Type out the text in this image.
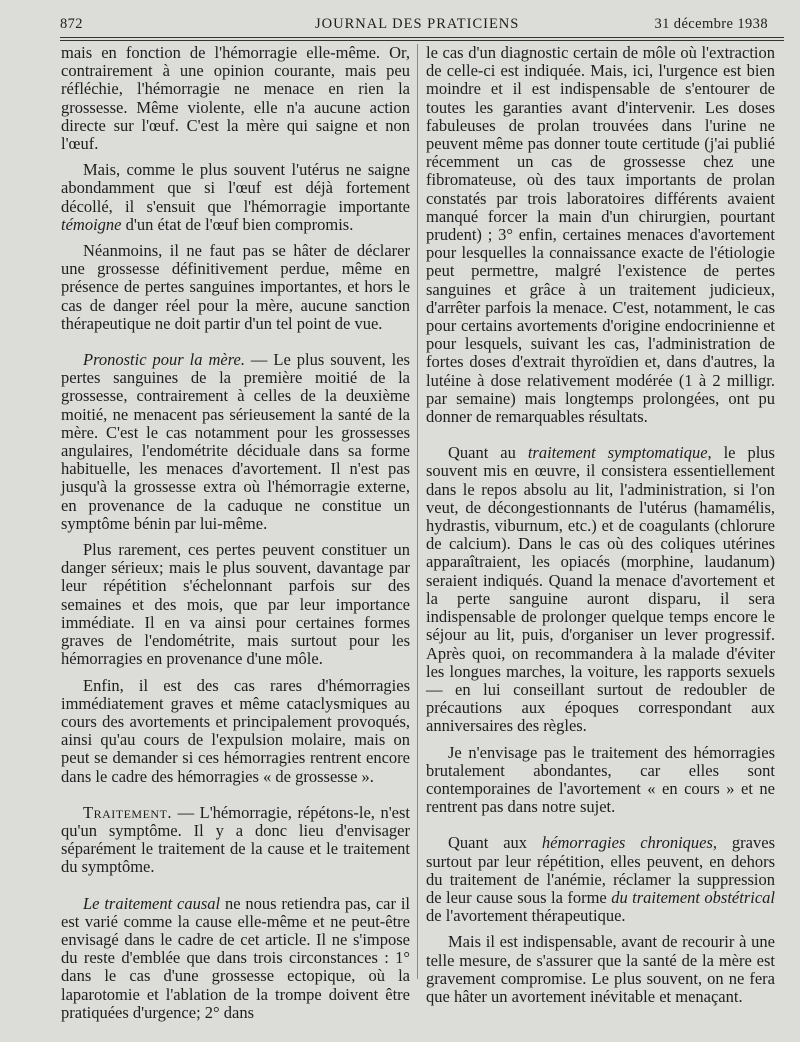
872	JOURNAL DES PRATICIENS	31 décembre 1938

mais en fonction de l'hémorragie elle-même. Or, contrairement à une opinion courante, mais peu réfléchie, l'hémorragie ne menace en rien la grossesse. Même violente, elle n'a aucune action directe sur l'œuf. C'est la mère qui saigne et non l'œuf.

Mais, comme le plus souvent l'utérus ne saigne abondamment que si l'œuf est déjà fortement décollé, il s'ensuit que l'hémorragie importante témoigne d'un état de l'œuf bien compromis.

Néanmoins, il ne faut pas se hâter de déclarer une grossesse définitivement perdue, même en présence de pertes sanguines importantes, et hors le cas de danger réel pour la mère, aucune sanction thérapeutique ne doit partir d'un tel point de vue.

Pronostic pour la mère. — Le plus souvent, les pertes sanguines de la première moitié de la grossesse, contrairement à celles de la deuxième moitié, ne menacent pas sérieusement la santé de la mère. C'est le cas notamment pour les grossesses angulaires, l'endométrite déciduale dans sa forme habituelle, les menaces d'avortement. Il n'est pas jusqu'à la grossesse extra où l'hémorragie externe, en provenance de la caduque ne constitue un symptôme bénin par lui-même.

Plus rarement, ces pertes peuvent constituer un danger sérieux; mais le plus souvent, davantage par leur répétition s'échelonnant parfois sur des semaines et des mois, que par leur importance immédiate. Il en va ainsi pour certaines formes graves de l'endométrite, mais surtout pour les hémorragies en provenance d'une môle.

Enfin, il est des cas rares d'hémorragies immédiatement graves et même cataclysmiques au cours des avortements et principalement provoqués, ainsi qu'au cours de l'expulsion molaire, mais on peut se demander si ces hémorragies rentrent encore dans le cadre des hémorragies « de grossesse ».

Traitement. — L'hémorragie, répétons-le, n'est qu'un symptôme. Il y a donc lieu d'envisager séparément le traitement de la cause et le traitement du symptôme.

Le traitement causal ne nous retiendra pas, car il est varié comme la cause elle-même et ne peut-être envisagé dans le cadre de cet article. Il ne s'impose du reste d'emblée que dans trois circonstances : 1° dans le cas d'une grossesse ectopique, où la laparotomie et l'ablation de la trompe doivent être pratiquées d'urgence; 2° dans

le cas d'un diagnostic certain de môle où l'extraction de celle-ci est indiquée. Mais, ici, l'urgence est bien moindre et il est indispensable de s'entourer de toutes les garanties avant d'intervenir. Les doses fabuleuses de prolan trouvées dans l'urine ne peuvent même pas donner toute certitude (j'ai publié récemment un cas de grossesse chez une fibromateuse, où des taux importants de prolan constatés par trois laboratoires différents avaient manqué forcer la main d'un chirurgien, pourtant prudent) ; 3° enfin, certaines menaces d'avortement pour lesquelles la connaissance exacte de l'étiologie peut permettre, malgré l'existence de pertes sanguines et grâce à un traitement judicieux, d'arrêter parfois la menace. C'est, notamment, le cas pour certains avortements d'origine endocrinienne et pour lesquels, suivant les cas, l'administration de fortes doses d'extrait thyroïdien et, dans d'autres, la lutéine à dose relativement modérée (1 à 2 milligr. par semaine) mais longtemps prolongées, ont pu donner de remarquables résultats.

Quant au traitement symptomatique, le plus souvent mis en œuvre, il consistera essentiellement dans le repos absolu au lit, l'administration, si l'on veut, de décongestionnants de l'utérus (hamamélis, hydrastis, viburnum, etc.) et de coagulants (chlorure de calcium). Dans le cas où des coliques utérines apparaîtraient, les opiacés (morphine, laudanum) seraient indiqués. Quand la menace d'avortement et la perte sanguine auront disparu, il sera indispensable de prolonger quelque temps encore le séjour au lit, puis, d'organiser un lever progressif. Après quoi, on recommandera à la malade d'éviter les longues marches, la voiture, les rapports sexuels — en lui conseillant surtout de redoubler de précautions aux époques correspondant aux anniversaires des règles.

Je n'envisage pas le traitement des hémorragies brutalement abondantes, car elles sont contemporaines de l'avortement « en cours » et ne rentrent pas dans notre sujet.

Quant aux hémorragies chroniques, graves surtout par leur répétition, elles peuvent, en dehors du traitement de l'anémie, réclamer la suppression de leur cause sous la forme du traitement obstétrical de l'avortement thérapeutique.

Mais il est indispensable, avant de recourir à une telle mesure, de s'assurer que la santé de la mère est gravement compromise. Le plus souvent, on ne fera que hâter un avortement inévitable et menaçant.
